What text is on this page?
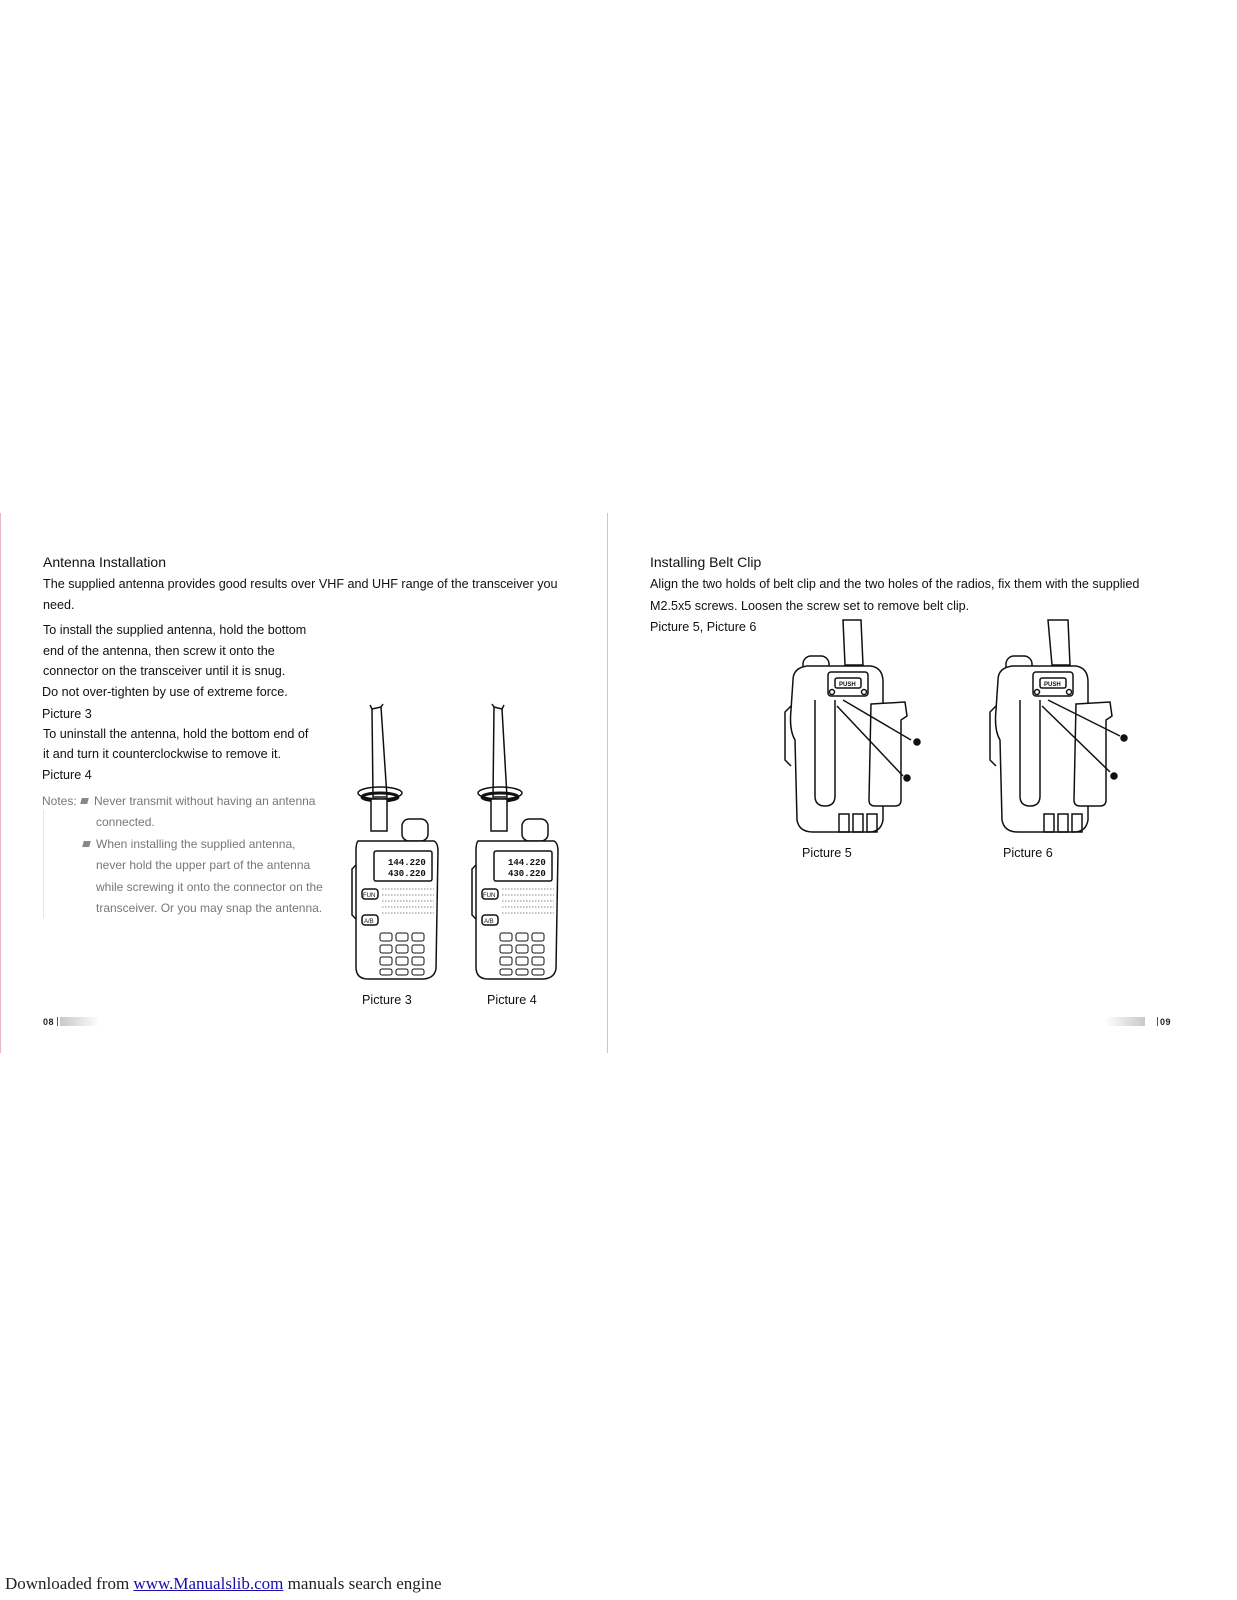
Antenna Installation
The supplied antenna provides good results over VHF and UHF range of the transceiver you
need.
To install the supplied antenna, hold the bottom
end of the antenna, then screw it onto the
connector on the transceiver until it is snug.
Do not over-tighten by use of extreme force.
Picture 3
To uninstall the antenna, hold the bottom end of
it and turn it counterclockwise to remove it.
Picture 4
Notes:	Never transmit without having an antenna
connected.
When installing the supplied antenna,
never hold the upper part of the antenna
while screwing it onto the connector on the
transceiver. Or you may snap the antenna.
144.220
430.220
FUN
A/B
144.220
430.220
FUN
A/B
Picture 3	Picture 4
08
Installing Belt Clip
Align the two holds of belt clip and the two holes of the radios, fix them with the supplied
M2.5x5 screws. Loosen the screw set to remove belt clip.
Picture 5, Picture 6
PUSH	PUSH
Picture 5	Picture 6
09
Downloaded from www.Manualslib.com manuals search engine
